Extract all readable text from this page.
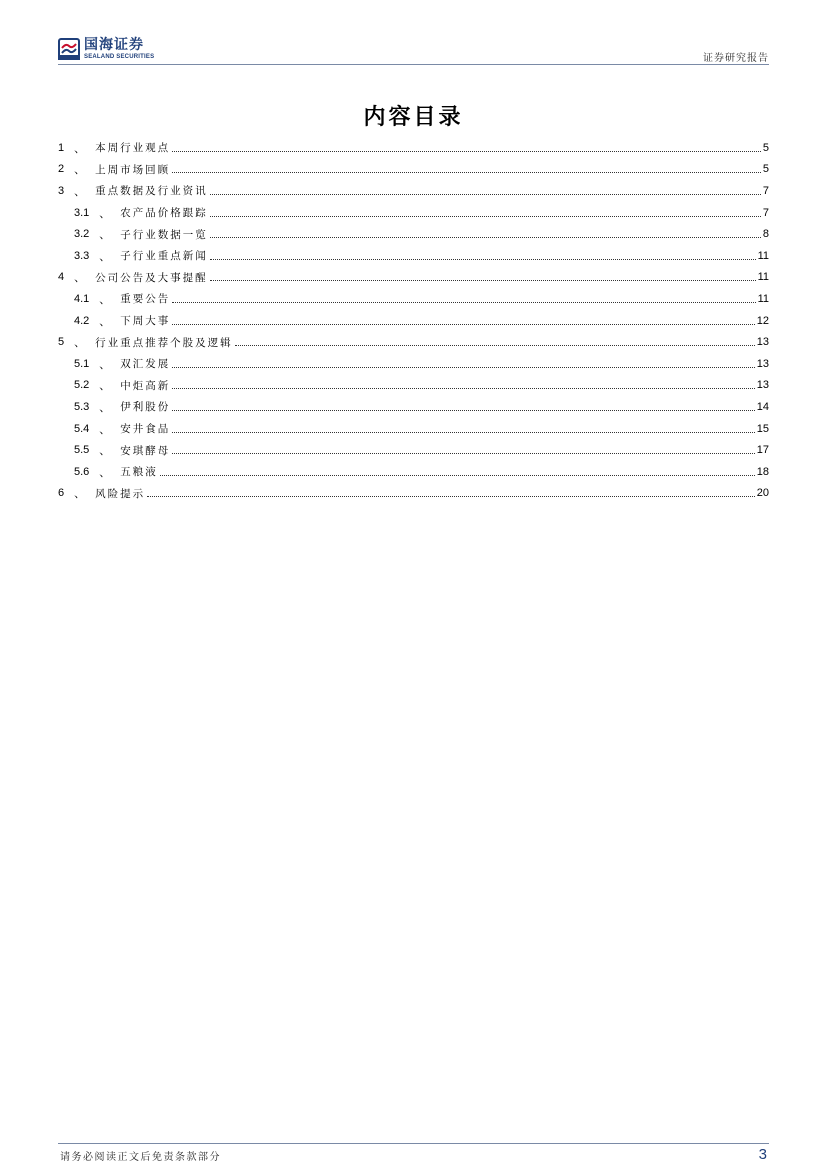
国海证券
SEALAND SECURITIES	证券研究报告
内容目录
1 、 本周行业观点	5
2 、 上周市场回顾	5
3 、 重点数据及行业资讯	7
3.1 、 农产品价格跟踪	7
3.2 、 子行业数据一览	8
3.3 、 子行业重点新闻	11
4 、 公司公告及大事提醒	11
4.1 、 重要公告	11
4.2 、 下周大事	12
5 、 行业重点推荐个股及逻辑	13
5.1 、 双汇发展	13
5.2 、 中炬高新	13
5.3 、 伊利股份	14
5.4 、 安井食品	15
5.5 、 安琪酵母	17
5.6 、 五粮液	18
6 、 风险提示	20
请务必阅读正文后免责条款部分	3
